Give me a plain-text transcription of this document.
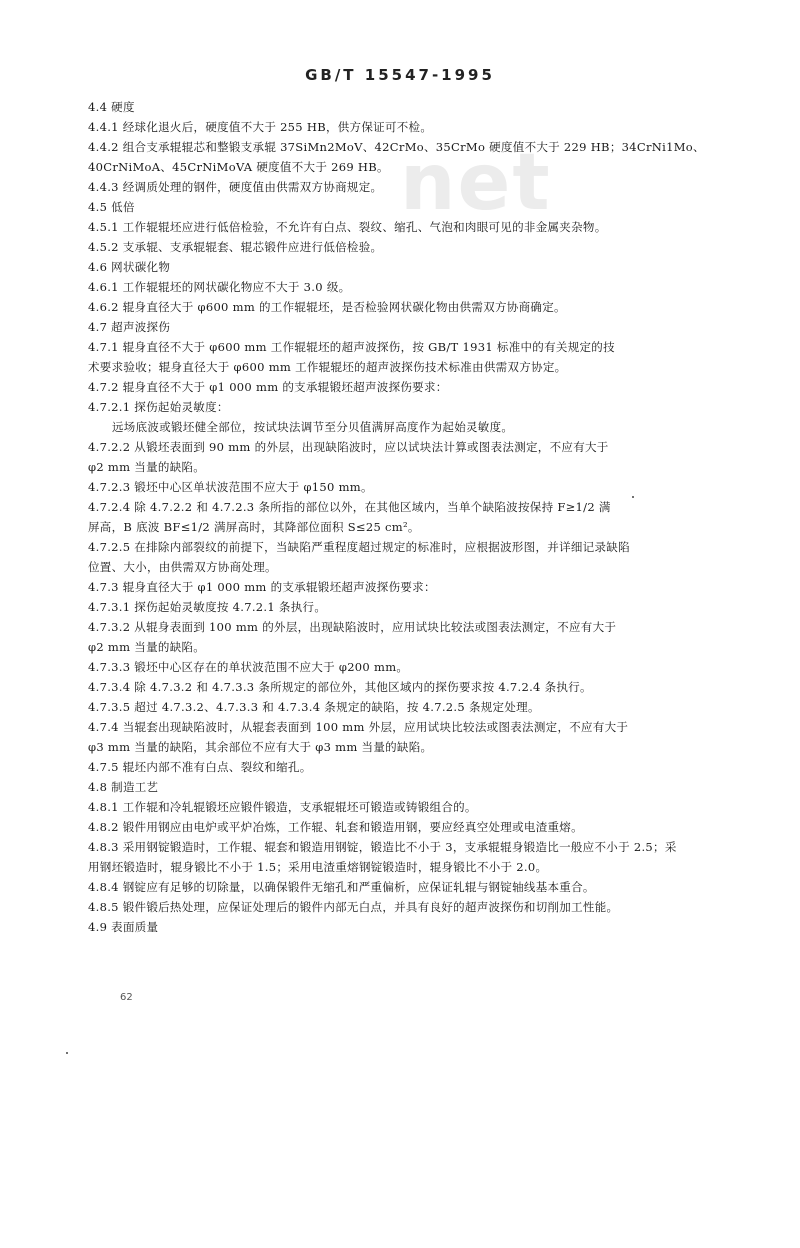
net
GB/T 15547-1995
4.4 硬度
4.4.1 经球化退火后，硬度值不大于 255 HB，供方保证可不检。
4.4.2 组合支承辊辊芯和整锻支承辊 37SiMn2MoV、42CrMo、35CrMo 硬度值不大于 229 HB；34CrNi1Mo、
40CrNiMoA、45CrNiMoVA 硬度值不大于 269 HB。
4.4.3 经调质处理的钢件，硬度值由供需双方协商规定。
4.5 低倍
4.5.1 工作辊辊坯应进行低倍检验，不允许有白点、裂纹、缩孔、气泡和肉眼可见的非金属夹杂物。
4.5.2 支承辊、支承辊辊套、辊芯锻件应进行低倍检验。
4.6 网状碳化物
4.6.1 工作辊辊坯的网状碳化物应不大于 3.0 级。
4.6.2 辊身直径大于 φ600 mm 的工作辊辊坯，是否检验网状碳化物由供需双方协商确定。
4.7 超声波探伤
4.7.1 辊身直径不大于 φ600 mm 工作辊辊坯的超声波探伤，按 GB/T 1931 标准中的有关规定的技
术要求验收；辊身直径大于 φ600 mm 工作辊辊坯的超声波探伤技术标准由供需双方协定。
4.7.2 辊身直径不大于 φ1 000 mm 的支承辊锻坯超声波探伤要求：
4.7.2.1 探伤起始灵敏度：
远场底波或锻坯健全部位，按试块法调节至分贝值满屏高度作为起始灵敏度。
4.7.2.2 从锻坯表面到 90 mm 的外层，出现缺陷波时，应以试块法计算或图表法测定，不应有大于
φ2 mm 当量的缺陷。
4.7.2.3 锻坯中心区单状波范围不应大于 φ150 mm。
4.7.2.4 除 4.7.2.2 和 4.7.2.3 条所指的部位以外，在其他区域内，当单个缺陷波按保持 F≥1/2 满
屏高，B 底波 BF≤1/2 满屏高时，其降部位面积 S≤25 cm²。
4.7.2.5 在排除内部裂纹的前提下，当缺陷严重程度超过规定的标准时，应根据波形图，并详细记录缺陷
位置、大小，由供需双方协商处理。
4.7.3 辊身直径大于 φ1 000 mm 的支承辊锻坯超声波探伤要求：
4.7.3.1 探伤起始灵敏度按 4.7.2.1 条执行。
4.7.3.2 从辊身表面到 100 mm 的外层，出现缺陷波时，应用试块比较法或图表法测定，不应有大于
φ2 mm 当量的缺陷。
4.7.3.3 锻坯中心区存在的单状波范围不应大于 φ200 mm。
4.7.3.4 除 4.7.3.2 和 4.7.3.3 条所规定的部位外，其他区域内的探伤要求按 4.7.2.4 条执行。
4.7.3.5 超过 4.7.3.2、4.7.3.3 和 4.7.3.4 条规定的缺陷，按 4.7.2.5 条规定处理。
4.7.4 当辊套出现缺陷波时，从辊套表面到 100 mm 外层，应用试块比较法或图表法测定，不应有大于
φ3 mm 当量的缺陷，其余部位不应有大于 φ3 mm 当量的缺陷。
4.7.5 辊坯内部不准有白点、裂纹和缩孔。
4.8 制造工艺
4.8.1 工作辊和冷轧辊锻坯应锻件锻造，支承辊辊坯可锻造或铸锻组合的。
4.8.2 锻件用钢应由电炉或平炉冶炼，工作辊、轧套和锻造用钢，要应经真空处理或电渣重熔。
4.8.3 采用钢锭锻造时，工作辊、辊套和锻造用钢锭，锻造比不小于 3，支承辊辊身锻造比一般应不小于 2.5；采
用钢坯锻造时，辊身锻比不小于 1.5；采用电渣重熔钢锭锻造时，辊身锻比不小于 2.0。
4.8.4 钢锭应有足够的切除量，以确保锻件无缩孔和严重偏析，应保证轧辊与钢锭轴线基本重合。
4.8.5 锻件锻后热处理，应保证处理后的锻件内部无白点，并具有良好的超声波探伤和切削加工性能。
4.9 表面质量
62
